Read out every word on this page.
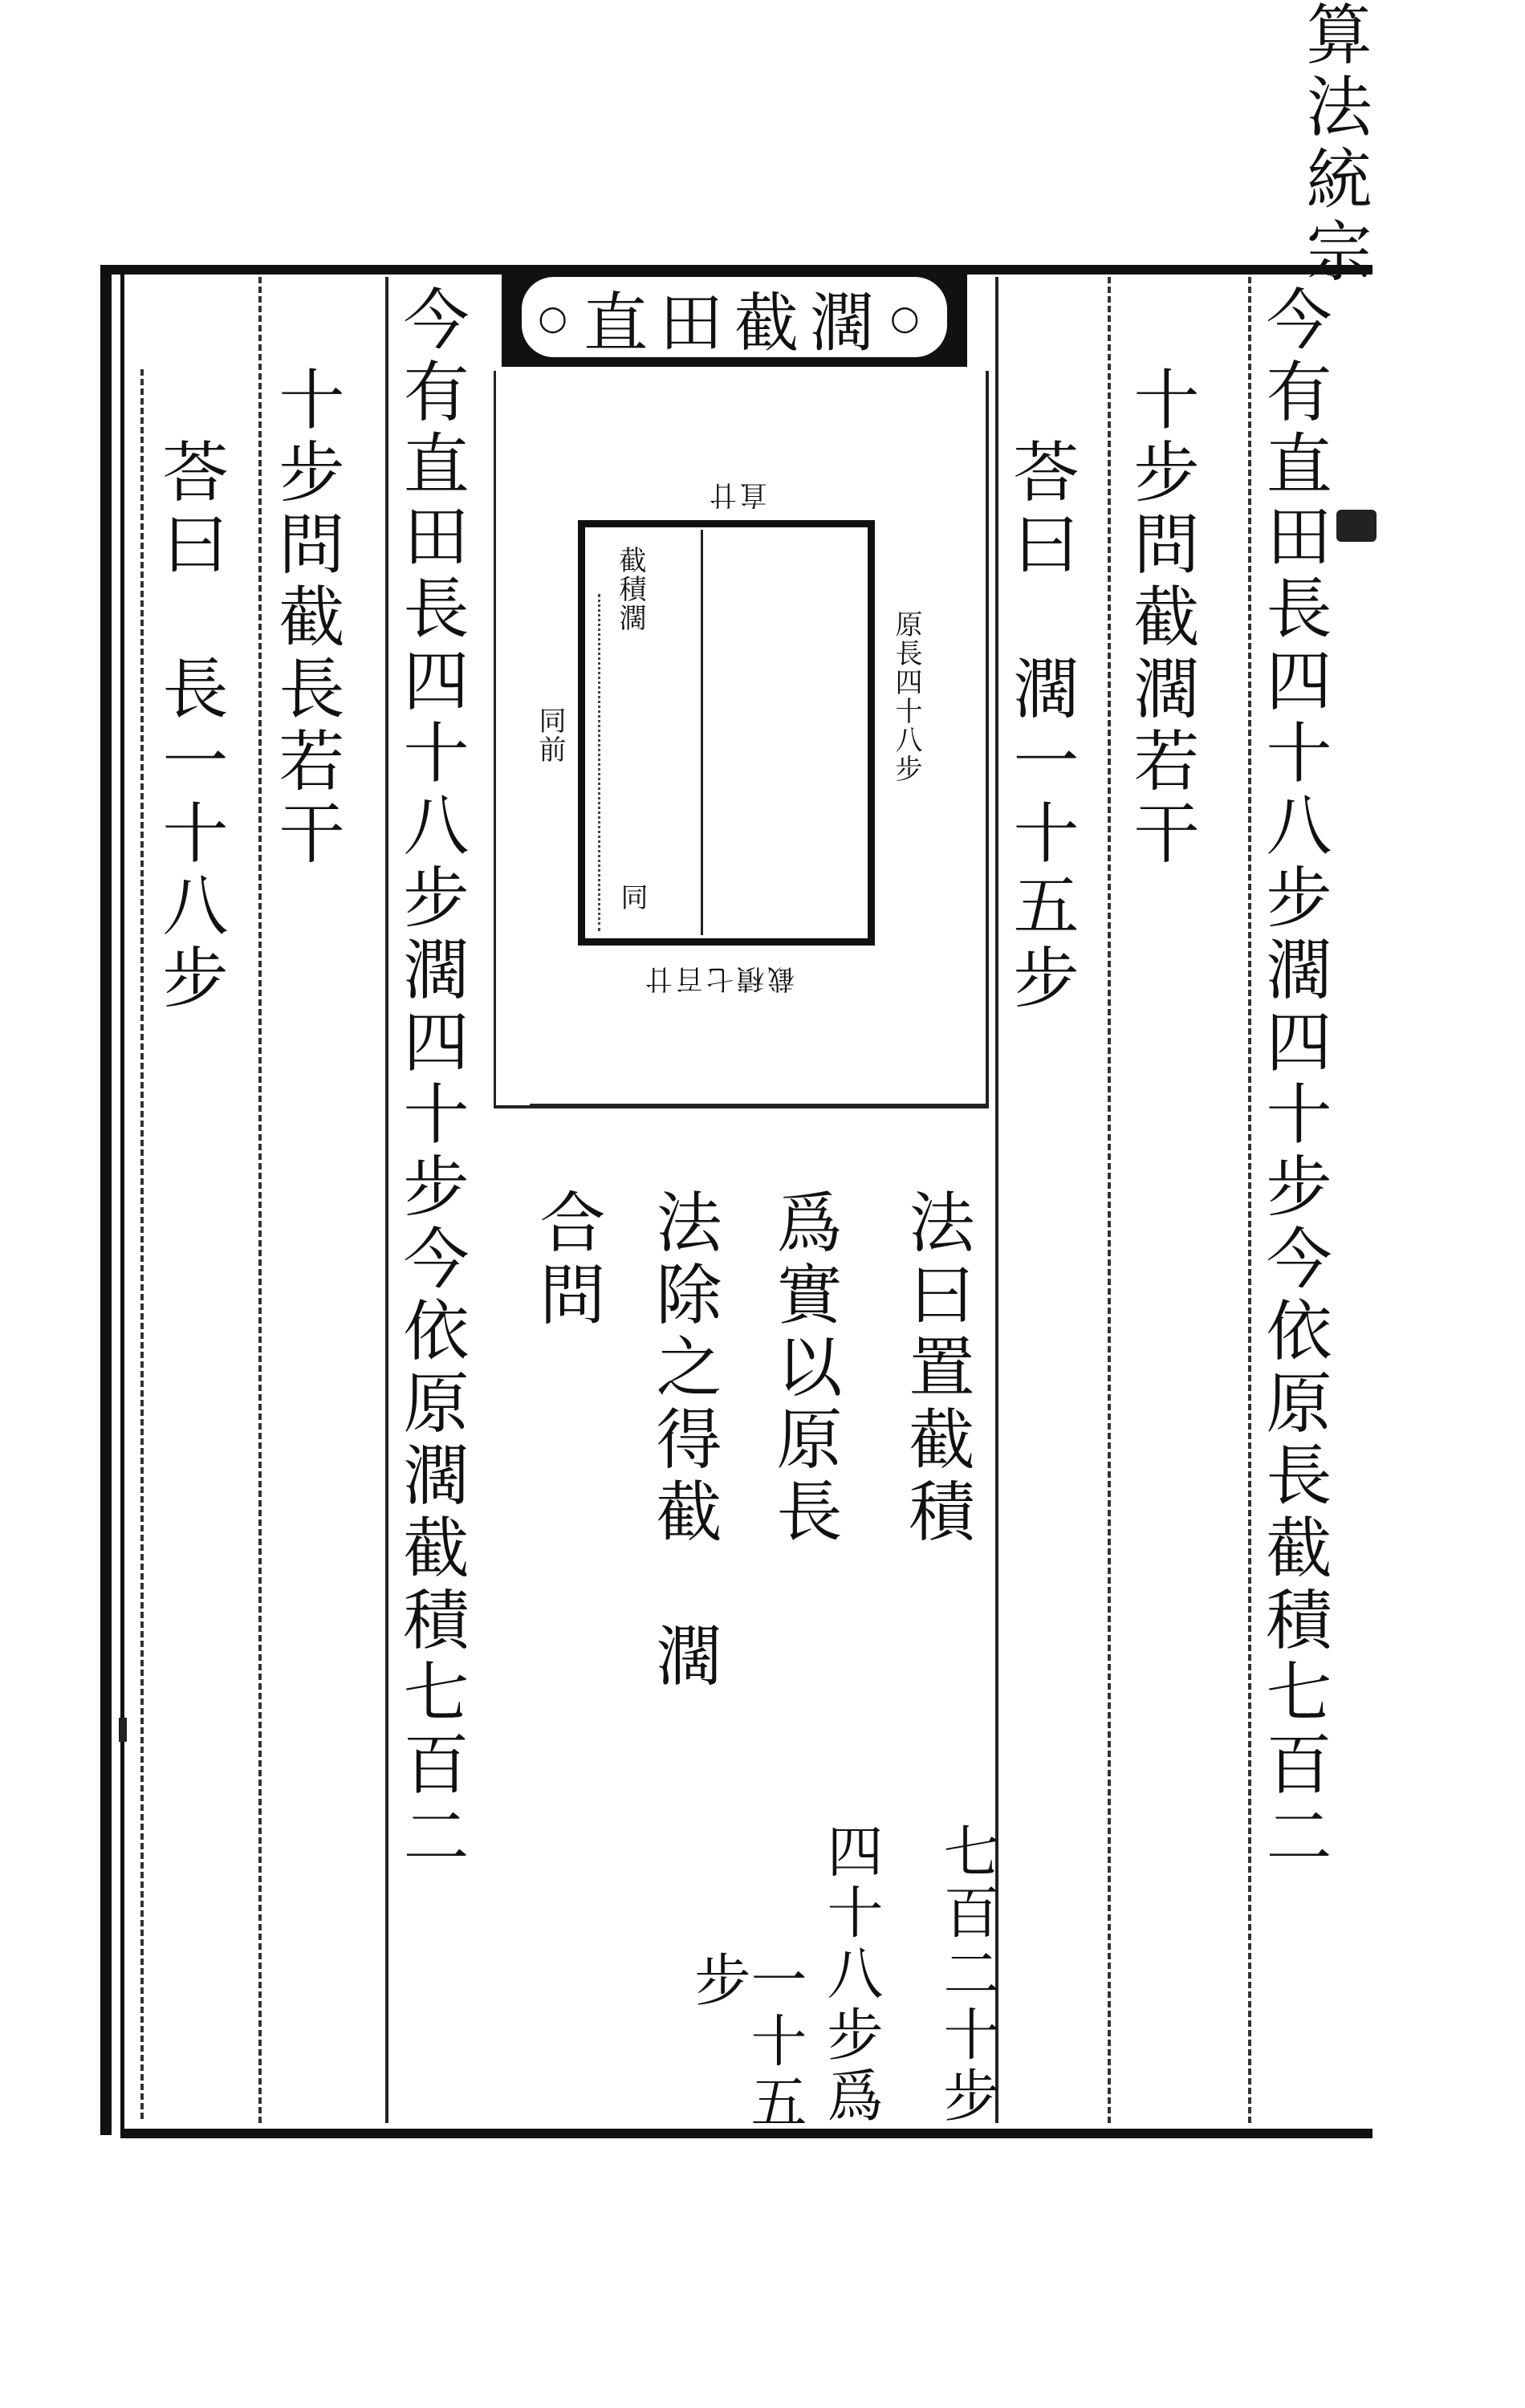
算法統宗
今有直田長四十八步濶四十步今依原長截積七百二
十步問截濶若干
荅曰　濶一十五步
○ 直田截濶 ○
直廿
原長四十八步
同前
截積濶
同
截積七百廿
法曰置截積
七百二十步
爲實以原長
四十八步爲
法除之得截　濶
一十五步
合問
今有直田長四十八步濶四十步今依原濶截積七百二
十步問截長若干
荅曰　長一十八步
